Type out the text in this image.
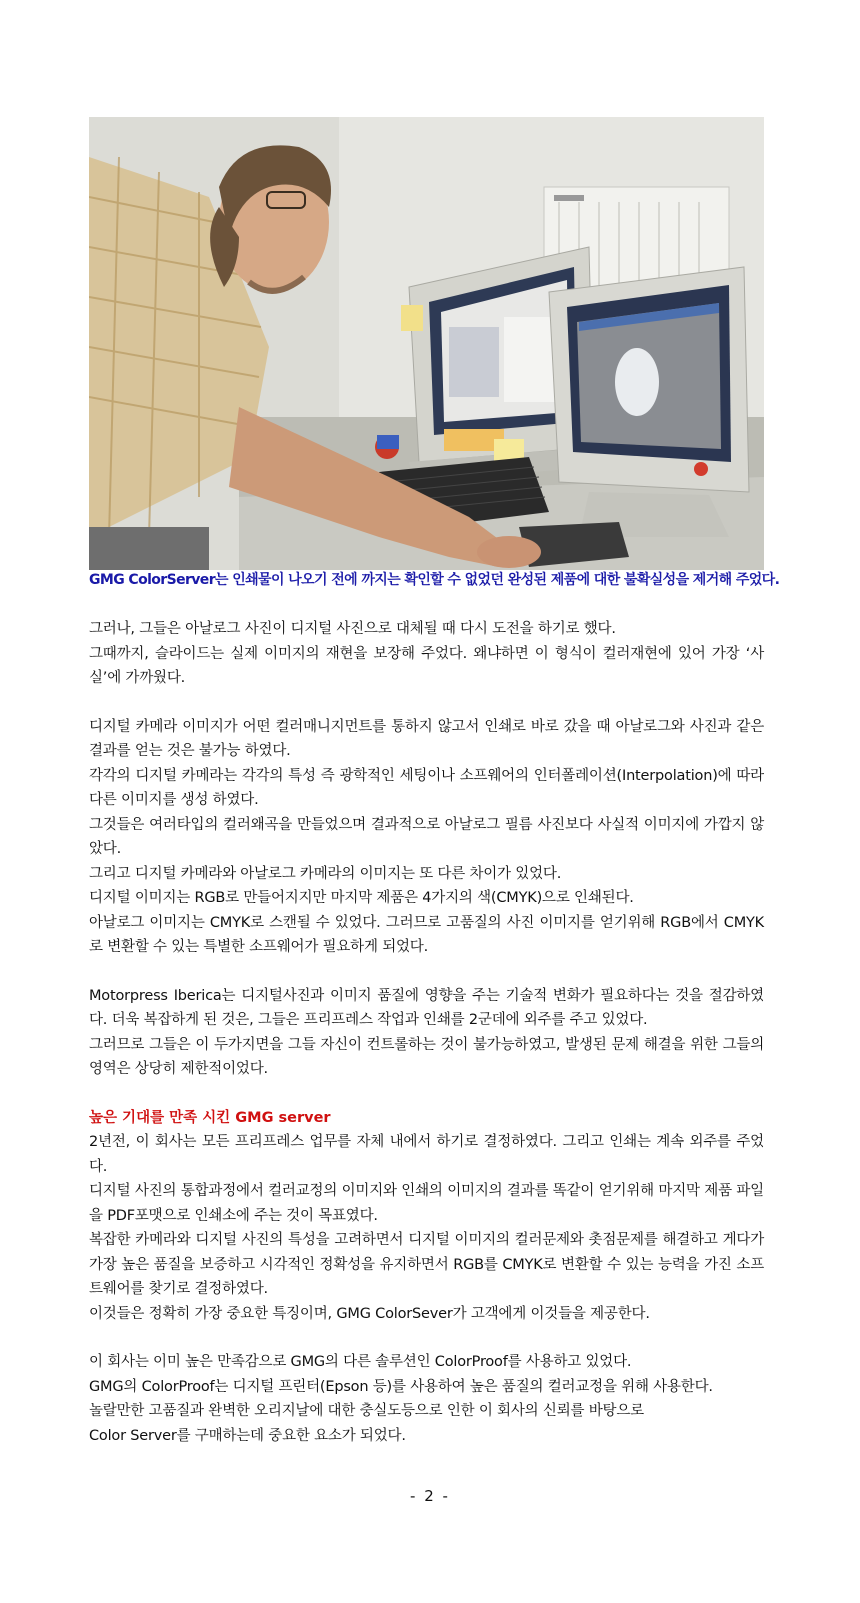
GMG ColorServer는 인쇄물이 나오기 전에 까지는 확인할 수 없었던 완성된 제품에 대한 불확실성을 제거해 주었다.

그러나, 그들은 아날로그 사진이 디지털 사진으로 대체될 때 다시 도전을 하기로 했다.

그때까지, 슬라이드는 실제 이미지의 재현을 보장해 주었다. 왜냐하면 이 형식이 컬러재현에 있어 가장 ‘사실’에 가까웠다.

디지털 카메라 이미지가 어떤 컬러매니지먼트를 통하지 않고서 인쇄로 바로 갔을 때 아날로그와 사진과 같은 결과를 얻는 것은 불가능 하였다.

각각의 디지털 카메라는 각각의 특성 즉 광학적인 세팅이나 소프웨어의 인터폴레이션(Interpolation)에 따라 다른 이미지를 생성 하였다.

그것들은 여러타입의 컬러왜곡을 만들었으며 결과적으로 아날로그 필름 사진보다 사실적 이미지에 가깝지 않았다.

그리고 디지털 카메라와 아날로그 카메라의 이미지는 또 다른 차이가 있었다.

디지털 이미지는 RGB로 만들어지지만 마지막 제품은 4가지의 색(CMYK)으로 인쇄된다.

아날로그 이미지는 CMYK로 스캔될 수 있었다. 그러므로 고품질의 사진 이미지를 얻기위해 RGB에서 CMYK로 변환할 수 있는 특별한 소프웨어가 필요하게 되었다.

Motorpress Iberica는 디지털사진과 이미지 품질에 영향을 주는 기술적 변화가 필요하다는 것을 절감하였다. 더욱 복잡하게 된 것은, 그들은 프리프레스 작업과 인쇄를 2군데에 외주를 주고 있었다.

그러므로 그들은 이 두가지면을 그들 자신이 컨트롤하는 것이 불가능하였고, 발생된 문제 해결을 위한 그들의 영역은 상당히 제한적이었다.

높은 기대를 만족 시킨 GMG server

2년전, 이 회사는 모든 프리프레스 업무를 자체 내에서 하기로 결정하였다. 그리고 인쇄는 계속 외주를 주었다.

디지털 사진의 통합과정에서 컬러교정의 이미지와 인쇄의 이미지의 결과를 똑같이 얻기위해 마지막 제품 파일을 PDF포맷으로 인쇄소에 주는 것이 목표였다.

복잡한 카메라와 디지털 사진의 특성을 고려하면서 디지털 이미지의 컬러문제와 촛점문제를 해결하고 게다가 가장 높은 품질을 보증하고 시각적인 정확성을 유지하면서 RGB를 CMYK로 변환할 수 있는 능력을 가진 소프트웨어를 찾기로 결정하였다.

이것들은 정확히 가장 중요한 특징이며, GMG ColorSever가 고객에게 이것들을 제공한다.

이 회사는 이미 높은 만족감으로 GMG의 다른 솔루션인 ColorProof를 사용하고 있었다.

GMG의 ColorProof는 디지털 프린터(Epson 등)를 사용하여 높은 품질의 컬러교정을 위해 사용한다.

놀랄만한 고품질과 완벽한 오리지날에 대한 충실도등으로 인한 이 회사의 신뢰를 바탕으로

Color Server를 구매하는데 중요한 요소가 되었다.

- 2 -
